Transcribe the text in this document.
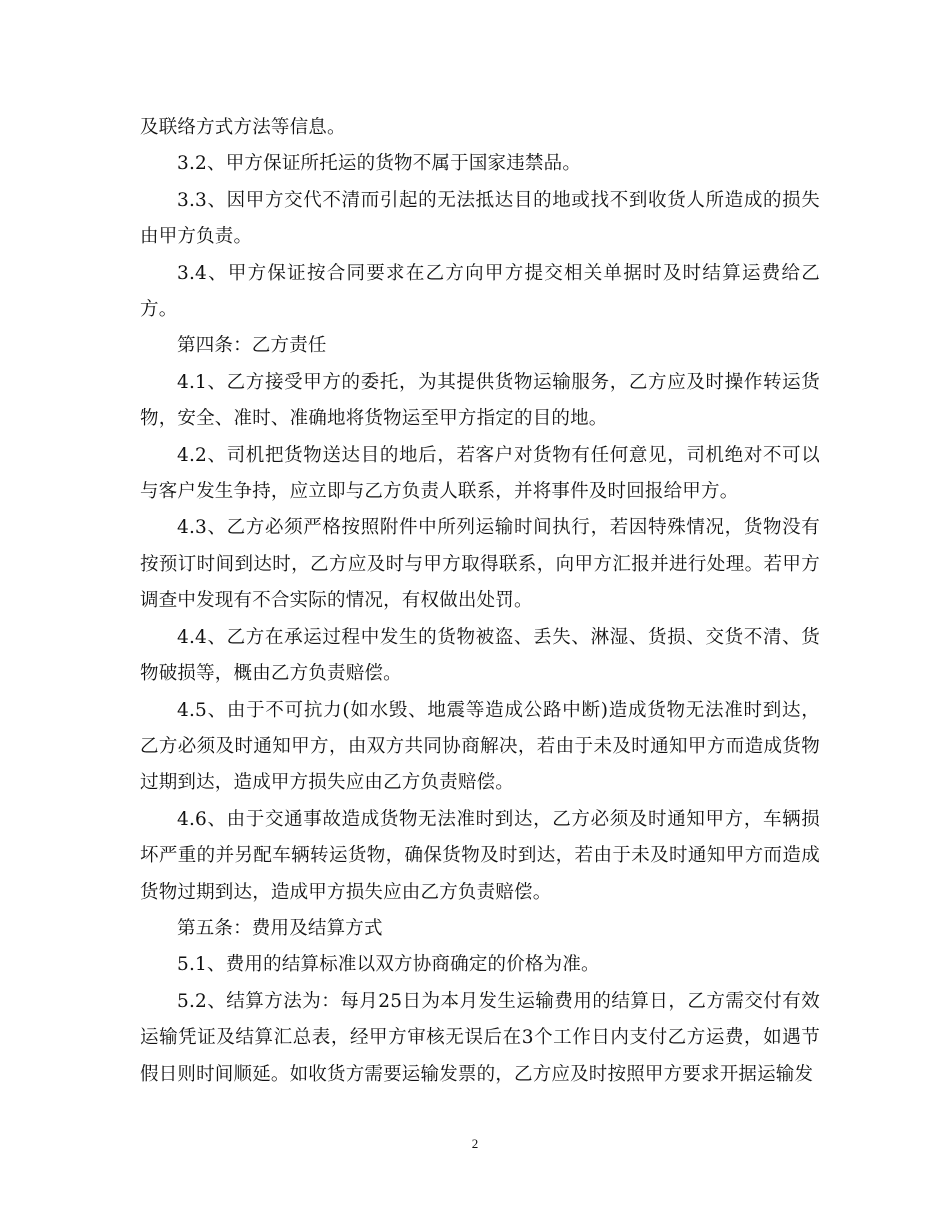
及联络方式方法等信息。

3.2、甲方保证所托运的货物不属于国家违禁品。

3.3、因甲方交代不清而引起的无法抵达目的地或找不到收货人所造成的损失由甲方负责。

3.4、甲方保证按合同要求在乙方向甲方提交相关单据时及时结算运费给乙方。

第四条：乙方责任

4.1、乙方接受甲方的委托，为其提供货物运输服务，乙方应及时操作转运货物，安全、准时、准确地将货物运至甲方指定的目的地。

4.2、司机把货物送达目的地后，若客户对货物有任何意见，司机绝对不可以与客户发生争持，应立即与乙方负责人联系，并将事件及时回报给甲方。

4.3、乙方必须严格按照附件中所列运输时间执行，若因特殊情况，货物没有按预订时间到达时，乙方应及时与甲方取得联系，向甲方汇报并进行处理。若甲方调查中发现有不合实际的情况，有权做出处罚。

4.4、乙方在承运过程中发生的货物被盗、丢失、淋湿、货损、交货不清、货物破损等，概由乙方负责赔偿。

4.5、由于不可抗力(如水毁、地震等造成公路中断)造成货物无法准时到达，乙方必须及时通知甲方，由双方共同协商解决，若由于未及时通知甲方而造成货物过期到达，造成甲方损失应由乙方负责赔偿。

4.6、由于交通事故造成货物无法准时到达，乙方必须及时通知甲方，车辆损坏严重的并另配车辆转运货物，确保货物及时到达，若由于未及时通知甲方而造成货物过期到达，造成甲方损失应由乙方负责赔偿。

第五条：费用及结算方式

5.1、费用的结算标准以双方协商确定的价格为准。

5.2、结算方法为：每月25日为本月发生运输费用的结算日，乙方需交付有效运输凭证及结算汇总表，经甲方审核无误后在3个工作日内支付乙方运费，如遇节假日则时间顺延。如收货方需要运输发票的，乙方应及时按照甲方要求开据运输发

2
